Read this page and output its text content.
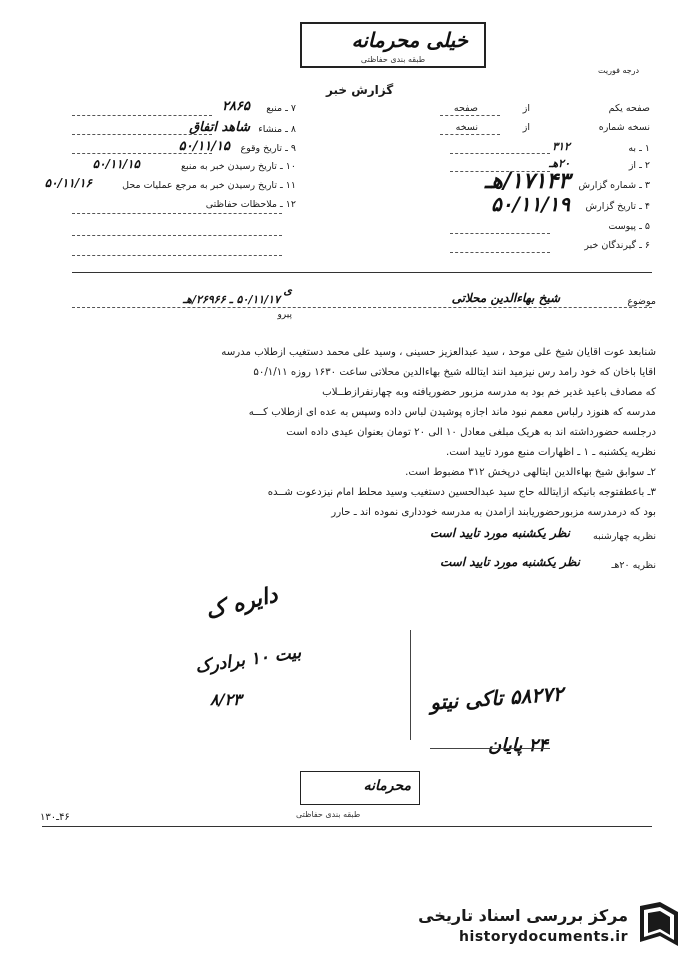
خیلی محرمانه
طبقه بندی حفاظتی
درجه فوریت
گزارش خبر
صفحه یکم
از
صفحه
نسخه شماره
از
نسخه
۱ ـ به
۳۱۲
۲ ـ از
۲۰هـ
۳ ـ شماره گزارش
۱۷۱۴۳/هـ
۴ ـ تاریخ گزارش
۵۰/۱۱/۱۹
۵ ـ پیوست
۶ ـ گیرندگان خبر
۷ ـ منبع
۲۸۶۵
۸ ـ منشاء
شاهد اتفاق
۹ ـ تاریخ وقوع
۵۰/۱۱/۱۵
۱۰ ـ تاریخ رسیدن خبر به منبع
۵۰/۱۱/۱۵
۱۱ ـ تاریخ رسیدن خبر به مرجع عملیات محل
۵۰/۱۱/۱۶
۱۲ ـ ملاحظات حفاظتی
موضوع
شیخ بهاءالدین محلاتی
۵۰/۱۱/۱۷ ـ ۲۶۹۶۶/هـ
ی
پیرو
شنابعد عوت اقایان شیخ علی موحد ، سید عبدالعزیز حسینی ، وسید علی محمد دستغیب ازطلاب مدرسه
اقایا باخان که خود رامد رس نیزمید انند ایتالله شیخ بهاءالدین محلاتی ساعت ۱۶۳۰ روزه ۵۰/۱/۱۱
که مصادف باعید غدیر خم بود به مدرسه مزبور حضوریافته وبه چهارنفرازطــلاب
مدرسه که هنوزد رلباس معمم نبود ماند اجازه پوشیدن لباس داده وسپس به عده ای ازطلاب کـــه
درجلسه حضورداشته اند به هریک مبلغی معادل ۱۰ الی ۲۰ تومان بعنوان عیدی داده است
نظریه یکشنبه ـ ۱ ـ اظهارات منبع مورد تایید است.
۲ـ سوابق شیخ بهاءالدین ایتالهی درپخش ۳۱۲ مضبوط است.
۳ـ باعطفتوجه بانیکه ازایتالله حاج سید عبدالحسین دستغیب وسید محلط امام نیزدعوت شــده
بود که درمدرسه مزبورحضوریابند ازامدن به مدرسه خودداری نموده اند ـ حارر
نظریه چهارشنبه
نظر یکشنبه مورد تایید است
نظریه ۲۰هـ
نظر یکشنبه مورد تایید است
دایره ک
بیت ۱۰ برادرک
۸/۲۳	۵۸۲۷۲ تاکی نیتو
۲۴ پایان
محرمانه
طبقه بندی حفاظتی
۴۶ـ۱۳۰
مرکز بررسی اسناد تاریخی
historydocuments.ir
